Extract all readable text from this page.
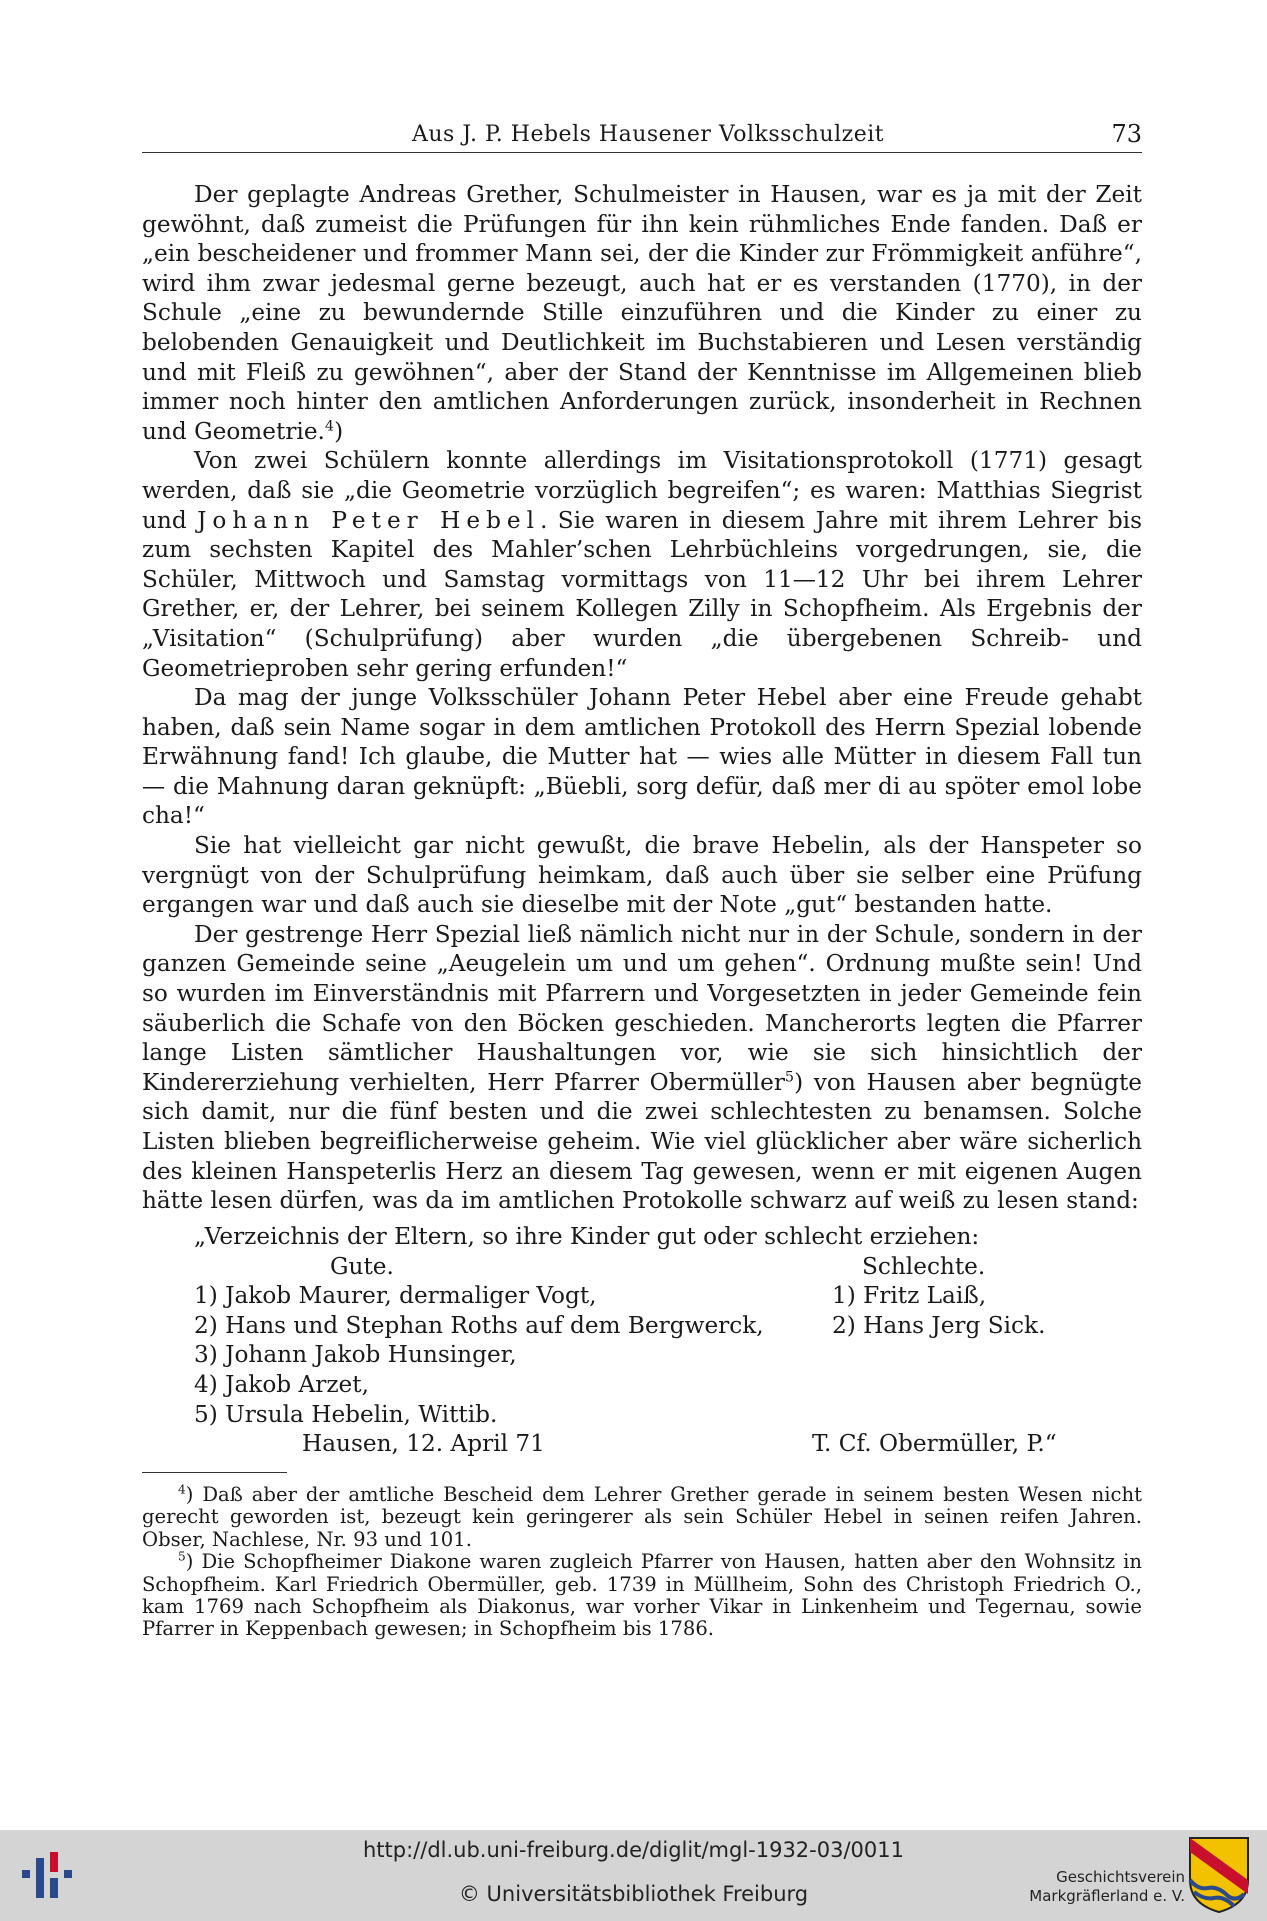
Aus J. P. Hebels Hausener Volksschulzeit	73

Der geplagte Andreas Grether, Schulmeister in Hausen, war es ja mit der Zeit gewöhnt, daß zumeist die Prüfungen für ihn kein rühmliches Ende fanden. Daß er „ein bescheidener und frommer Mann sei, der die Kinder zur Frömmigkeit anführe“, wird ihm zwar jedesmal gerne bezeugt, auch hat er es verstanden (1770), in der Schule „eine zu bewundernde Stille einzuführen und die Kinder zu einer zu belobenden Genauigkeit und Deutlichkeit im Buchstabieren und Lesen verständig und mit Fleiß zu gewöhnen“, aber der Stand der Kenntnisse im Allgemeinen blieb immer noch hinter den amtlichen Anforderungen zurück, insonderheit in Rechnen und Geometrie.$^4$)

Von zwei Schülern konnte allerdings im Visitationsprotokoll (1771) gesagt werden, daß sie „die Geometrie vorzüglich begreifen“; es waren: Matthias Siegrist und Johann Peter Hebel. Sie waren in diesem Jahre mit ihrem Lehrer bis zum sechsten Kapitel des Mahler’schen Lehrbüchleins vorgedrungen, sie, die Schüler, Mittwoch und Samstag vormittags von 11—12 Uhr bei ihrem Lehrer Grether, er, der Lehrer, bei seinem Kollegen Zilly in Schopfheim. Als Ergebnis der „Visitation“ (Schulprüfung) aber wurden „die übergebenen Schreib- und Geometrieproben sehr gering erfunden!“

Da mag der junge Volksschüler Johann Peter Hebel aber eine Freude gehabt haben, daß sein Name sogar in dem amtlichen Protokoll des Herrn Spezial lobende Erwähnung fand! Ich glaube, die Mutter hat — wies alle Mütter in diesem Fall tun — die Mahnung daran geknüpft: „Büebli, sorg defür, daß mer di au spöter emol lobe cha!“

Sie hat vielleicht gar nicht gewußt, die brave Hebelin, als der Hanspeter so vergnügt von der Schulprüfung heimkam, daß auch über sie selber eine Prüfung ergangen war und daß auch sie dieselbe mit der Note „gut“ bestanden hatte.

Der gestrenge Herr Spezial ließ nämlich nicht nur in der Schule, sondern in der ganzen Gemeinde seine „Aeugelein um und um gehen“. Ordnung mußte sein! Und so wurden im Einverständnis mit Pfarrern und Vorgesetzten in jeder Gemeinde fein säuberlich die Schafe von den Böcken geschieden. Mancherorts legten die Pfarrer lange Listen sämtlicher Haushaltungen vor, wie sie sich hinsichtlich der Kindererziehung verhielten, Herr Pfarrer Obermüller$^5$) von Hausen aber begnügte sich damit, nur die fünf besten und die zwei schlechtesten zu benamsen. Solche Listen blieben begreiflicherweise geheim. Wie viel glücklicher aber wäre sicherlich des kleinen Hanspeterlis Herz an diesem Tag gewesen, wenn er mit eigenen Augen hätte lesen dürfen, was da im amtlichen Protokolle schwarz auf weiß zu lesen stand:

„Verzeichnis der Eltern, so ihre Kinder gut oder schlecht erziehen:
Gute.	Schlechte.
1) Jakob Maurer, dermaliger Vogt,	1) Fritz Laiß,
2) Hans und Stephan Roths auf dem Bergwerck,	2) Hans Jerg Sick.
3) Johann Jakob Hunsinger,
4) Jakob Arzet,
5) Ursula Hebelin, Wittib.
Hausen, 12. April 71	T. Cf. Obermüller, P.“

$^4$) Daß aber der amtliche Bescheid dem Lehrer Grether gerade in seinem besten Wesen nicht gerecht geworden ist, bezeugt kein geringerer als sein Schüler Hebel in seinen reifen Jahren. Obser, Nachlese, Nr. 93 und 101.

$^5$) Die Schopfheimer Diakone waren zugleich Pfarrer von Hausen, hatten aber den Wohnsitz in Schopfheim. Karl Friedrich Obermüller, geb. 1739 in Müllheim, Sohn des Christoph Friedrich O., kam 1769 nach Schopfheim als Diakonus, war vorher Vikar in Linkenheim und Tegernau, sowie Pfarrer in Keppenbach gewesen; in Schopfheim bis 1786.

http://dl.ub.uni-freiburg.de/diglit/mgl-1932-03/0011
© Universitätsbibliothek Freiburg
Geschichtsverein
Markgräflerland e. V.
